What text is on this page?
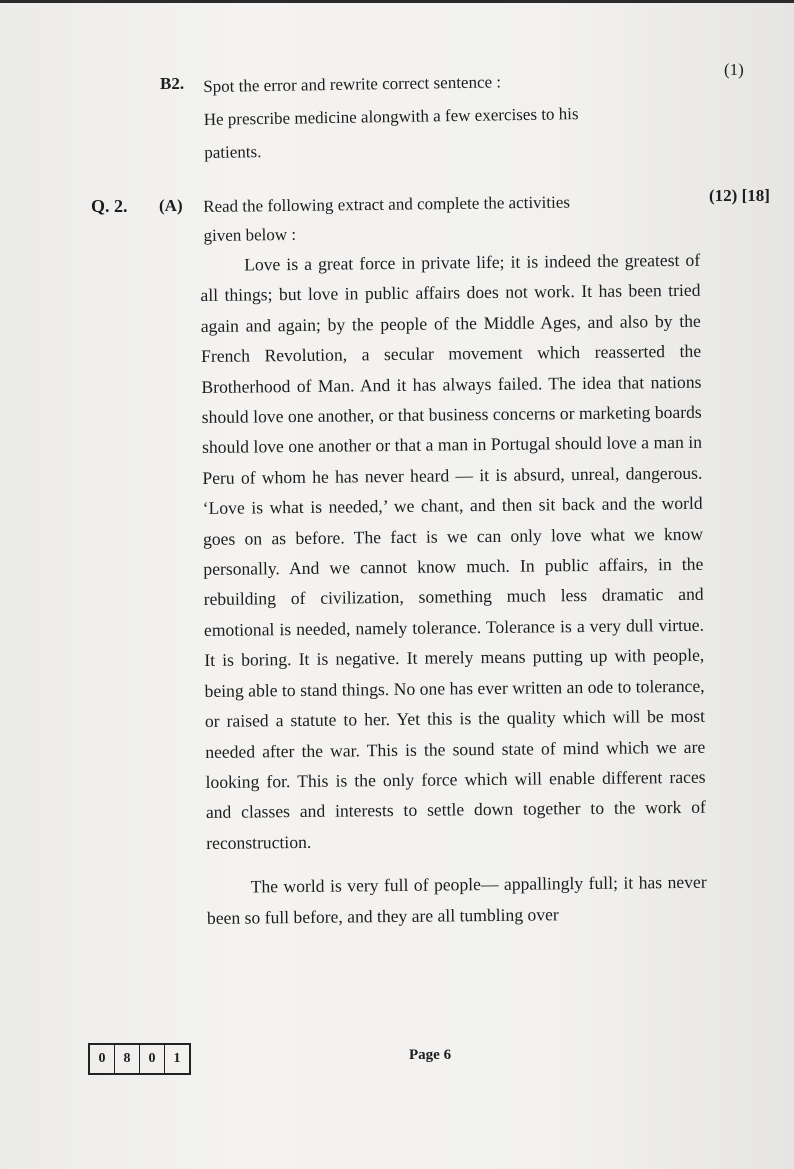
B2. Spot the error and rewrite correct sentence :
He prescribe medicine alongwith a few exercises to his
patients.
(1)
Q. 2. (A) Read the following extract and complete the activities
given below :
(12) [18]

Love is a great force in private life; it is indeed the greatest of all things; but love in public affairs does not work. It has been tried again and again; by the people of the Middle Ages, and also by the French Revolution, a secular movement which reasserted the Brotherhood of Man. And it has always failed. The idea that nations should love one another, or that business concerns or marketing boards should love one another or that a man in Portugal should love a man in Peru of whom he has never heard — it is absurd, unreal, dangerous. ‘Love is what is needed,’ we chant, and then sit back and the world goes on as before. The fact is we can only love what we know personally. And we cannot know much. In public affairs, in the rebuilding of civilization, something much less dramatic and emotional is needed, namely tolerance. Tolerance is a very dull virtue. It is boring. It is negative. It merely means putting up with people, being able to stand things. No one has ever written an ode to tolerance, or raised a statute to her. Yet this is the quality which will be most needed after the war. This is the sound state of mind which we are looking for. This is the only force which will enable different races and classes and interests to settle down together to the work of reconstruction.

The world is very full of people— appallingly full; it has never been so full before, and they are all tumbling over

0	8	0	1	Page 6
